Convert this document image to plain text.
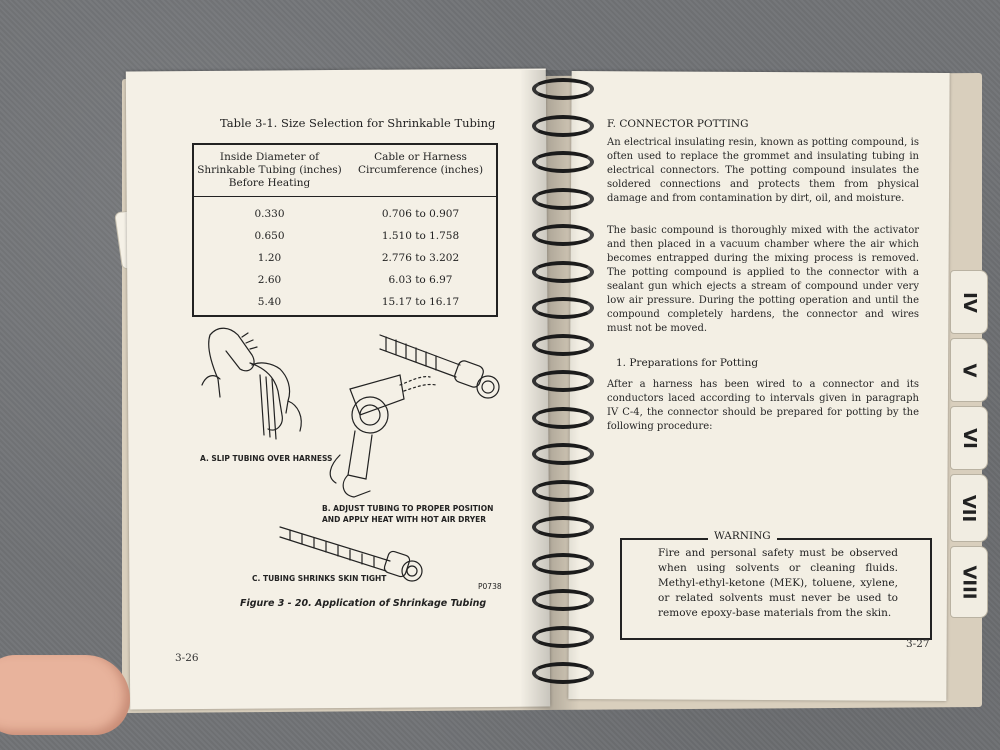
Table 3-1. Size Selection for Shrinkable Tubing
Inside Diameter of Shrinkable Tubing (inches) Before Heating	Cable or Harness Circumference (inches)
0.330	0.706 to 0.907
0.650	1.510 to 1.758
1.20	2.776 to 3.202
2.60	6.03 to 6.97
5.40	15.17 to 16.17
A. SLIP TUBING OVER HARNESS
B. ADJUST TUBING TO PROPER POSITION AND APPLY HEAT WITH HOT AIR DRYER
C. TUBING SHRINKS SKIN TIGHT
P0738
Figure 3 - 20. Application of Shrinkage Tubing
3-26
F. CONNECTOR POTTING
An electrical insulating resin, known as potting compound, is often used to replace the grommet and insulating tubing in electrical connectors. The potting compound insulates the soldered connections and protects them from physical damage and from contamination by dirt, oil, and moisture.
The basic compound is thoroughly mixed with the activator and then placed in a vacuum chamber where the air which becomes entrapped during the mixing process is removed. The potting compound is applied to the connector with a sealant gun which ejects a stream of compound under very low air pressure. During the potting operation and until the compound completely hardens, the connector and wires must not be moved.
1. Preparations for Potting
After a harness has been wired to a connector and its conductors laced according to intervals given in paragraph IV C-4, the connector should be prepared for potting by the following procedure:
WARNING
Fire and personal safety must be observed when using solvents or cleaning fluids. Methyl-ethyl-ketone (MEK), toluene, xylene, or related solvents must never be used to remove epoxy-base materials from the skin.
3-27
IV
V
VI
VII
VIII
